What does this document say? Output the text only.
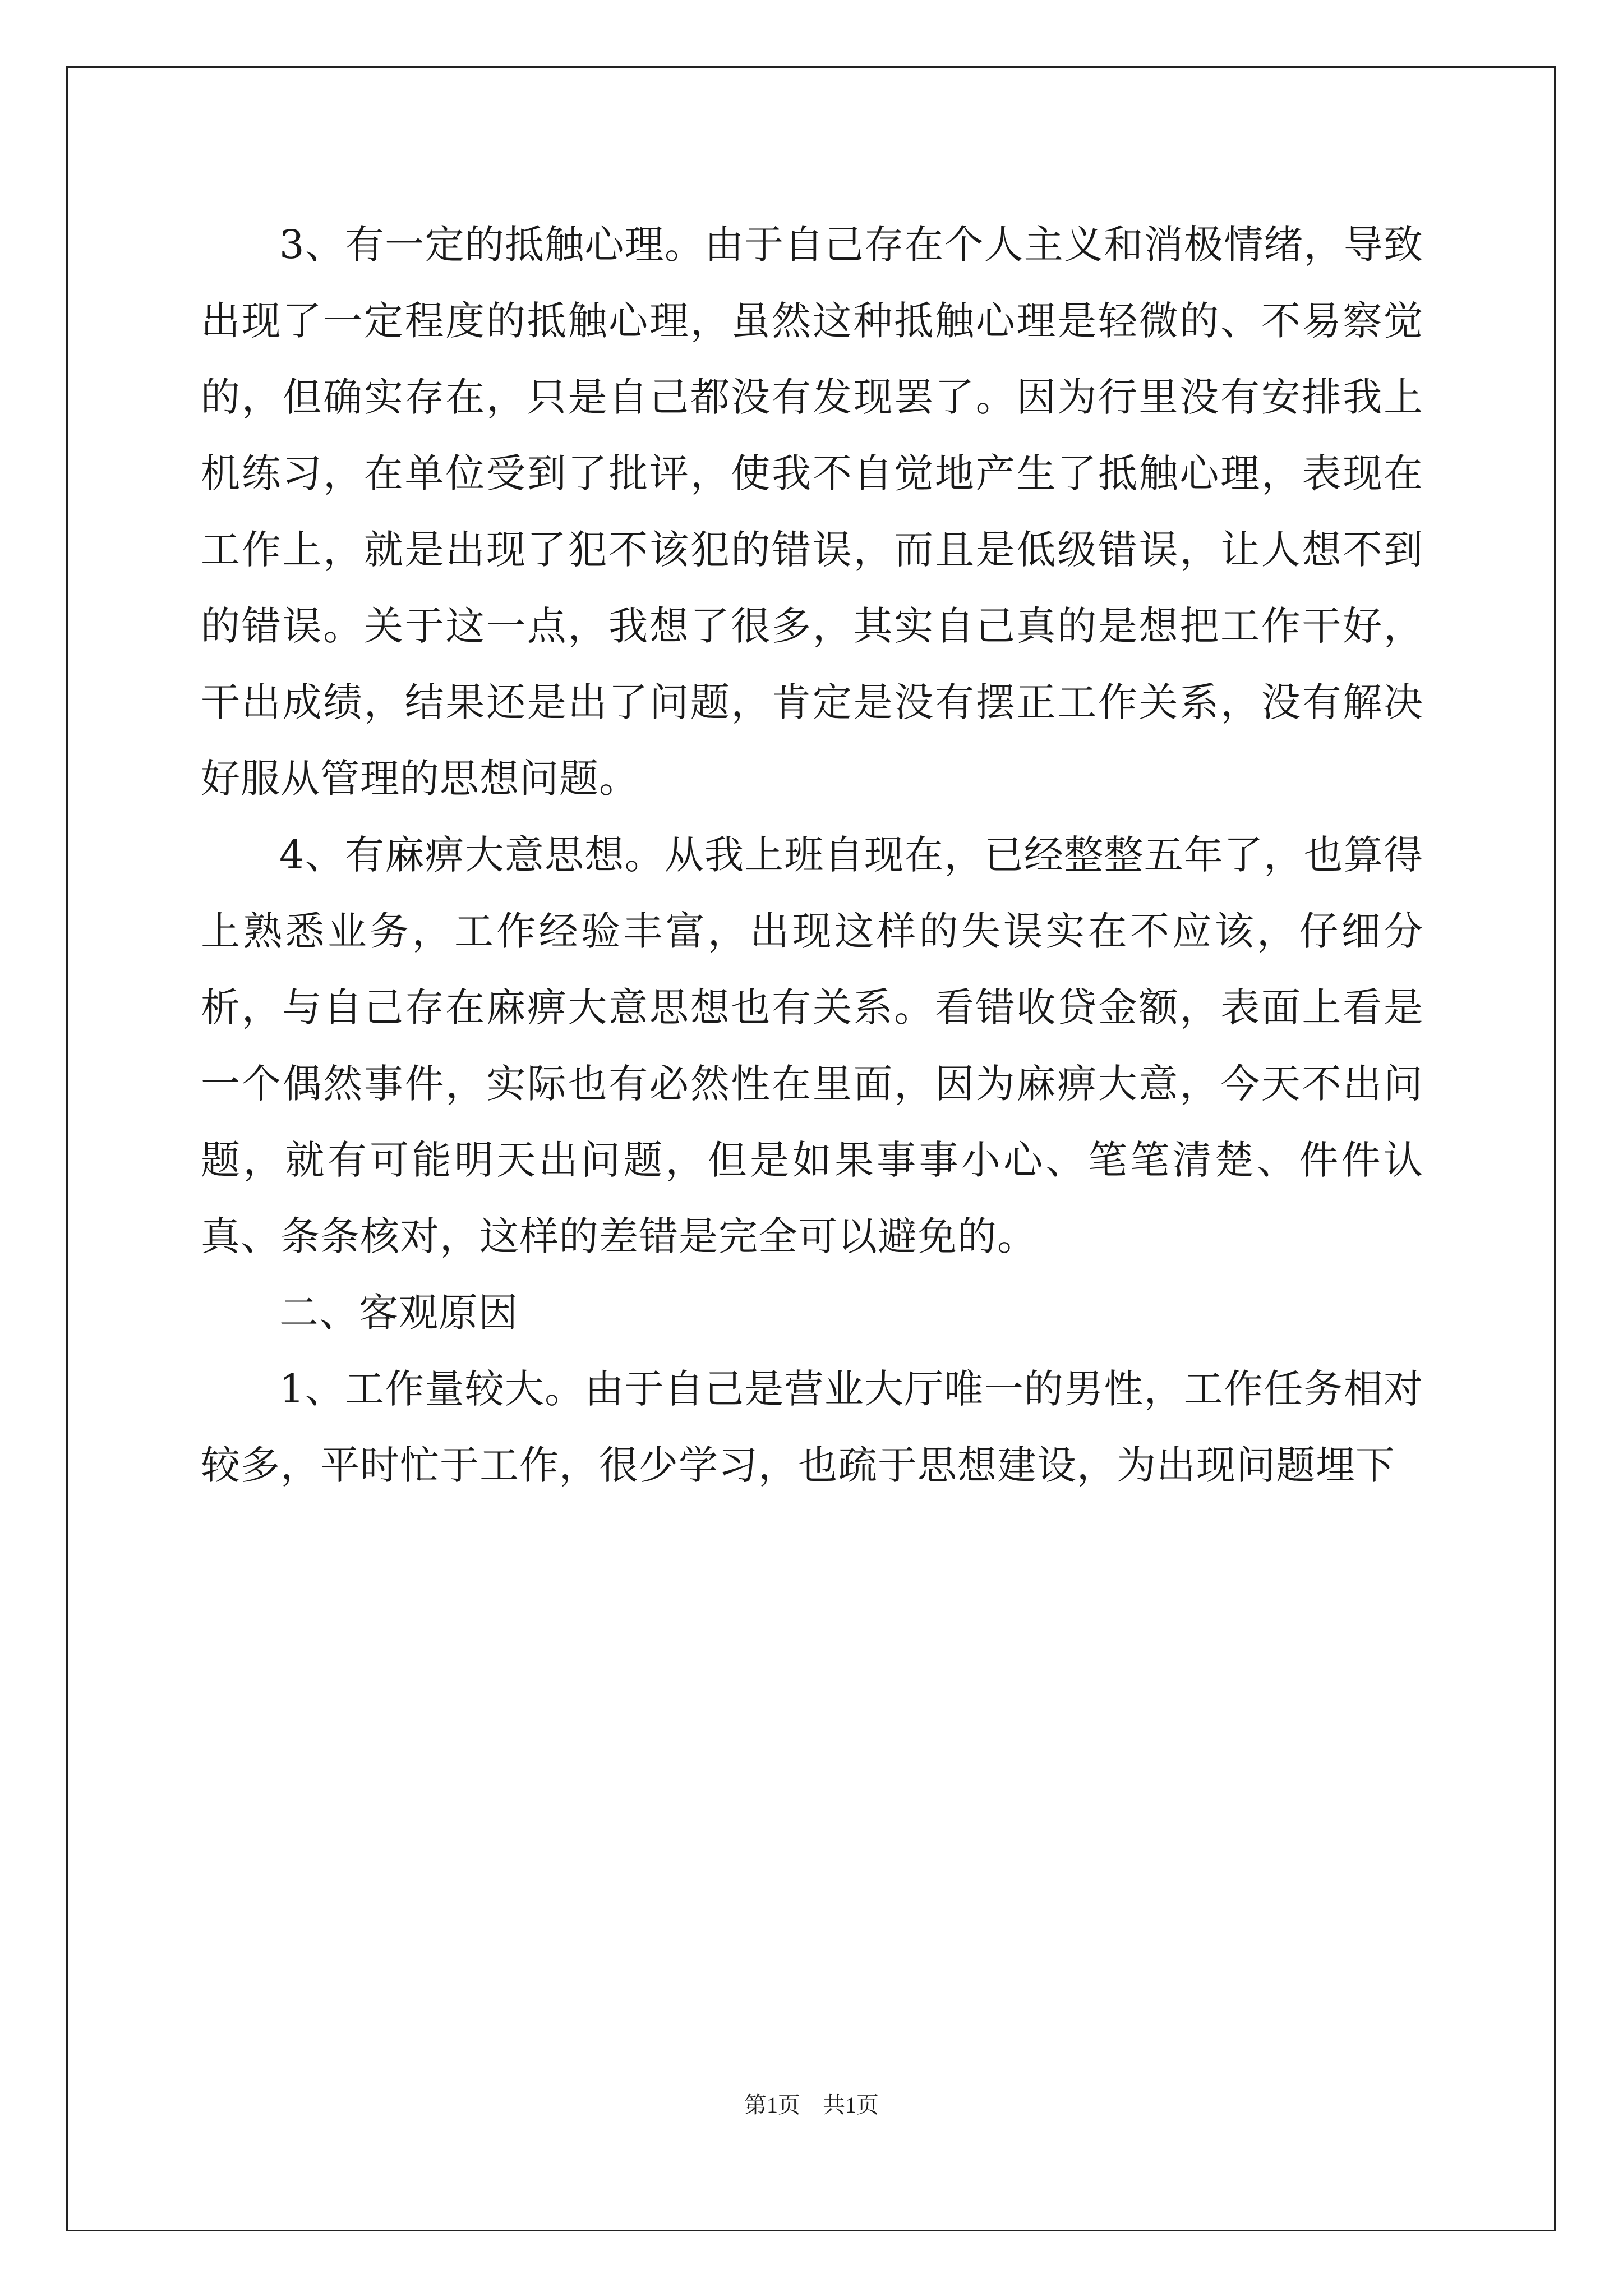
3、有一定的抵触心理。由于自己存在个人主义和消极情绪，导致出现了一定程度的抵触心理，虽然这种抵触心理是轻微的、不易察觉的，但确实存在，只是自己都没有发现罢了。因为行里没有安排我上机练习，在单位受到了批评，使我不自觉地产生了抵触心理，表现在工作上，就是出现了犯不该犯的错误，而且是低级错误，让人想不到的错误。关于这一点，我想了很多，其实自己真的是想把工作干好，干出成绩，结果还是出了问题，肯定是没有摆正工作关系，没有解决好服从管理的思想问题。

4、有麻痹大意思想。从我上班自现在，已经整整五年了，也算得上熟悉业务，工作经验丰富，出现这样的失误实在不应该，仔细分析，与自己存在麻痹大意思想也有关系。看错收贷金额，表面上看是一个偶然事件，实际也有必然性在里面，因为麻痹大意，今天不出问题，就有可能明天出问题，但是如果事事小心、笔笔清楚、件件认真、条条核对，这样的差错是完全可以避免的。

二、客观原因

1、工作量较大。由于自己是营业大厅唯一的男性，工作任务相对较多，平时忙于工作，很少学习，也疏于思想建设，为出现问题埋下

第1页　共1页
